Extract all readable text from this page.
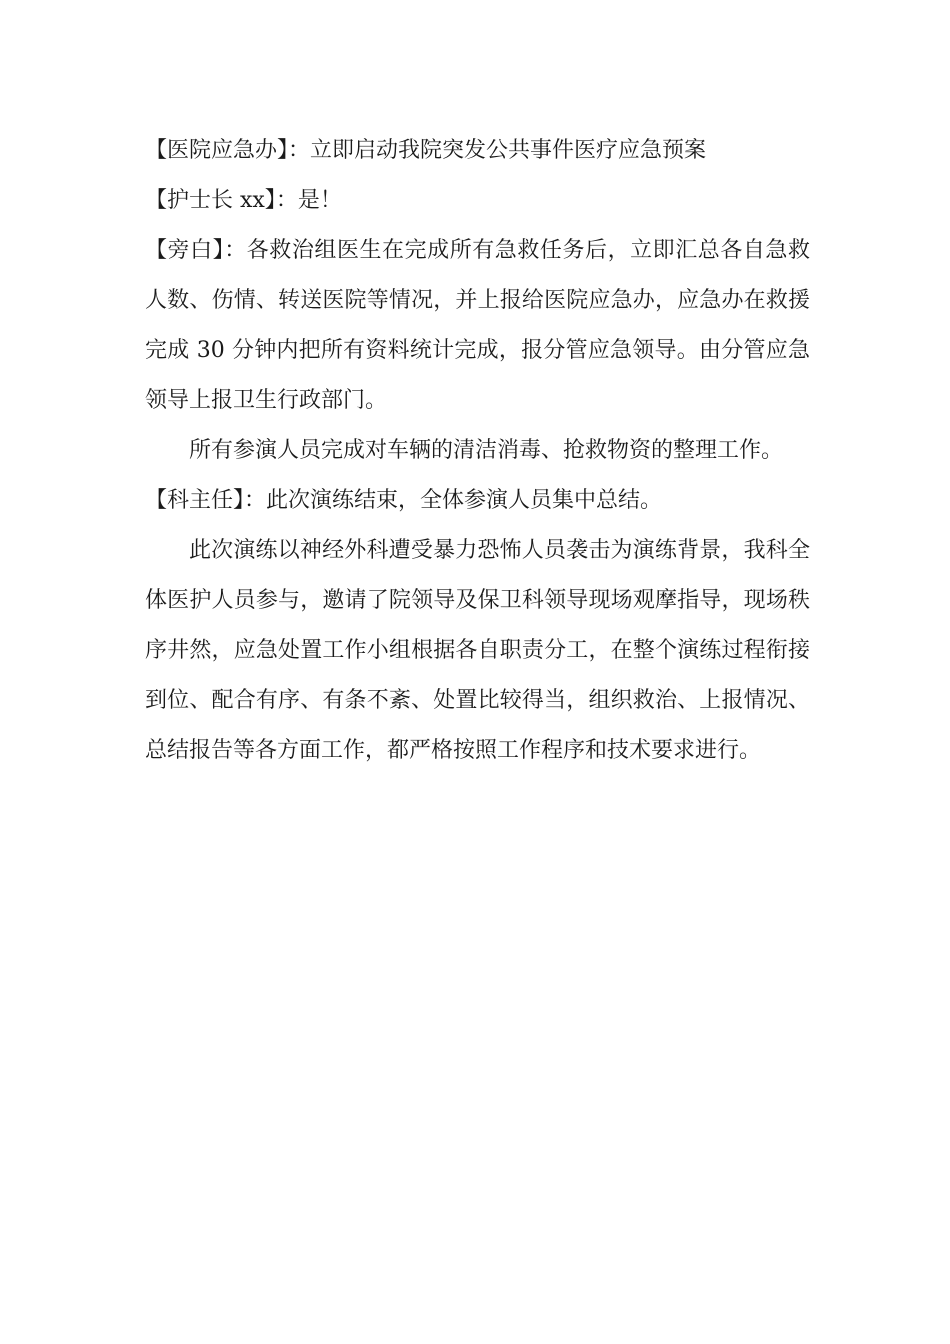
【医院应急办】：立即启动我院突发公共事件医疗应急预案

【护士长 xx】：是！

【旁白】：各救治组医生在完成所有急救任务后，立即汇总各自急救人数、伤情、转送医院等情况，并上报给医院应急办，应急办在救援完成 30 分钟内把所有资料统计完成，报分管应急领导。由分管应急领导上报卫生行政部门。

所有参演人员完成对车辆的清洁消毒、抢救物资的整理工作。

【科主任】：此次演练结束，全体参演人员集中总结。

此次演练以神经外科遭受暴力恐怖人员袭击为演练背景，我科全体医护人员参与，邀请了院领导及保卫科领导现场观摩指导，现场秩序井然，应急处置工作小组根据各自职责分工，在整个演练过程衔接到位、配合有序、有条不紊、处置比较得当，组织救治、上报情况、总结报告等各方面工作，都严格按照工作程序和技术要求进行。
